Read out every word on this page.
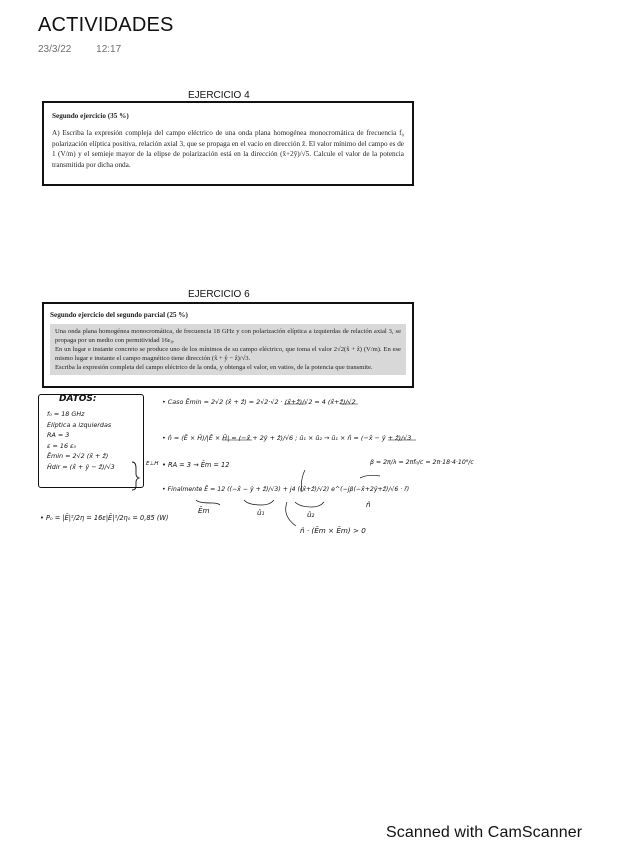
ACTIVIDADES
23/3/22 12:17
EJERCICIO 4
Segundo ejercicio (35 %)

A) Escriba la expresión compleja del campo eléctrico de una onda plana homogénea monocromática de frecuencia f₀ polarización elíptica positiva, relación axial 3, que se propaga en el vacío en dirección ẑ. El valor mínimo del campo es de 1 (V/m) y el semieje mayor de la elipse de polarización está en la dirección (x̂+2ŷ)/√5. Calcule el valor de la potencia transmitida por dicha onda.

EJERCICIO 6
Segundo ejercicio del segundo parcial (25 %)

Una onda plana homogénea monocromática, de frecuencia 18 GHz y con polarización elíptica a izquierdas de relación axial 3, se propaga por un medio con permitividad 16ε₀.

En un lugar e instante concreto se produce uno de los mínimos de su campo eléctrico, que toma el valor 2√2(x̂ + ẑ) (V/m). En ese mismo lugar e instante el campo magnético tiene dirección (x̂ + ŷ − ẑ)/√3.

Escriba la expresión completa del campo eléctrico de la onda, y obtenga el valor, en vatios, de la potencia que transmite.

DATOS:
f₀ = 18 GHz
Elíptica a izquierdas
RA = 3
ε = 16 ε₀
Ēmin = 2√2 (x̂ + ẑ)
Ĥdir = (x̂ + ŷ − ẑ)/√3	E⊥H
• Caso Ēmin = 2√2 (x̂ + ẑ) = 2√2·√2 · (x̂+ẑ)/√2 = 4 (x̂+ẑ)/√2
• n̂ = (Ē × H̄)/|Ē × H̄| = (−x̂ + 2ŷ + ẑ)/√6 ; û₁ × û₂ → û₁ × n̂ = (−x̂ − ŷ + ẑ)/√3
• RA = 3 → Ēm = 12	β = 2π/λ = 2πf₀/c = 2π·18·4·10⁹/c
• Finalmente Ē = 12 ((−x̂ − ŷ + ẑ)/√3) + j4 ((x̂+ẑ)/√2) e^(−jβ(−x̂+2ŷ+ẑ)/√6 · r̄)
Ēm	û₁	û₂
n̂
n̂ · (Ēm × Ēm) > 0
• P₀ = |Ē|²/2η = 16ε|Ē|²/2η₀ = 0,85 (W)
Scanned with CamScanner
